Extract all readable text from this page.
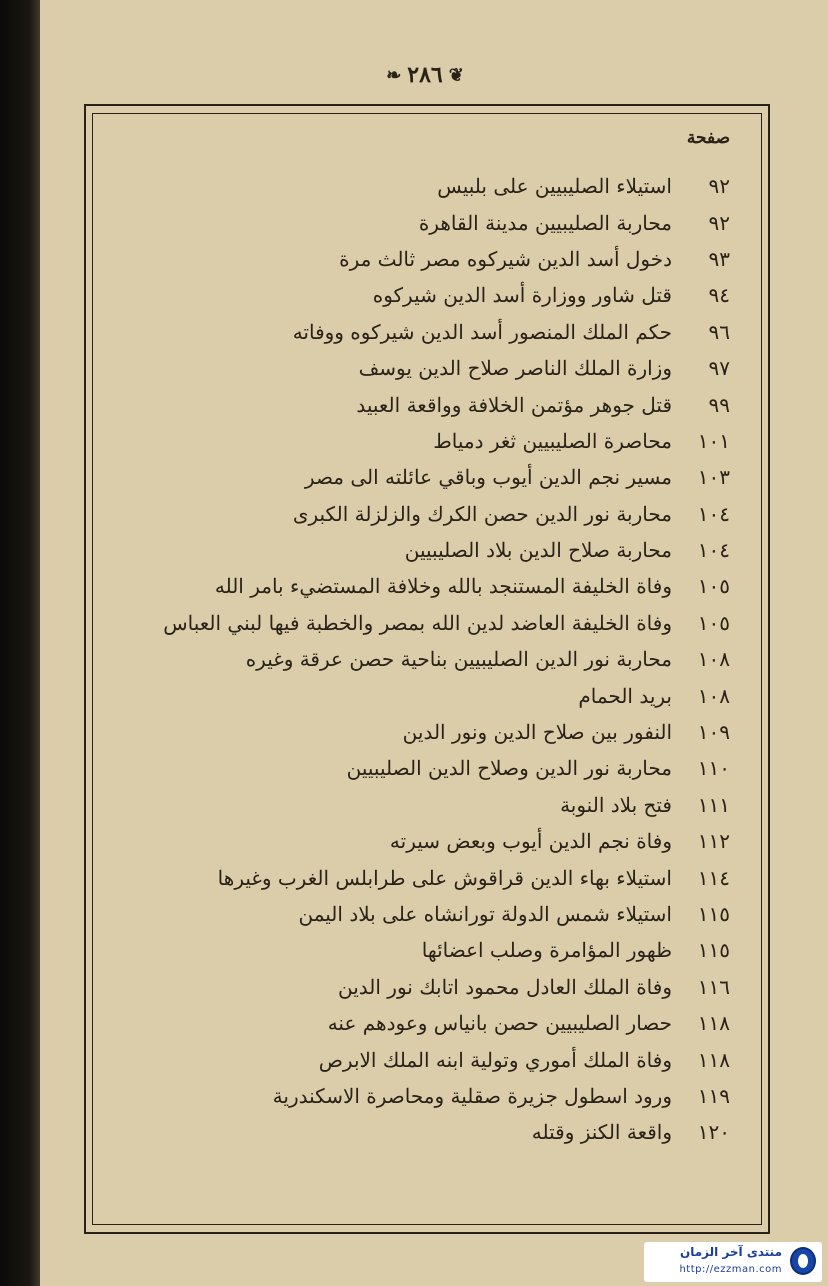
❦
٢٨٦
❧
صفحة
٩٢
استيلاء الصليبيين على بلبيس
٩٢
محاربة الصليبيين مدينة القاهرة
٩٣
دخول أسد الدين شيركوه مصر ثالث مرة
٩٤
قتل شاور ووزارة أسد الدين شيركوه
٩٦
حكم الملك المنصور أسد الدين شيركوه ووفاته
٩٧
وزارة الملك الناصر صلاح الدين يوسف
٩٩
قتل جوهر مؤتمن الخلافة وواقعة العبيد
١٠١
محاصرة الصليبيين ثغر دمياط
١٠٣
مسير نجم الدين أيوب وباقي عائلته الى مصر
١٠٤
محاربة نور الدين حصن الكرك والزلزلة الكبرى
١٠٤
محاربة صلاح الدين بلاد الصليبيين
١٠٥
وفاة الخليفة المستنجد بالله وخلافة المستضيء بامر الله
١٠٥
وفاة الخليفة العاضد لدين الله بمصر والخطبة فيها لبني العباس
١٠٨
محاربة نور الدين الصليبيين بناحية حصن عرقة وغيره
١٠٨
بريد الحمام
١٠٩
النفور بين صلاح الدين ونور الدين
١١٠
محاربة نور الدين وصلاح الدين الصليبيين
١١١
فتح بلاد النوبة
١١٢
وفاة نجم الدين أيوب وبعض سيرته
١١٤
استيلاء بهاء الدين قراقوش على طرابلس الغرب وغيرها
١١٥
استيلاء شمس الدولة تورانشاه على بلاد اليمن
١١٥
ظهور المؤامرة وصلب اعضائها
١١٦
وفاة الملك العادل محمود اتابك نور الدين
١١٨
حصار الصليبيين حصن بانياس وعودهم عنه
١١٨
وفاة الملك أموري وتولية ابنه الملك الابرص
١١٩
ورود اسطول جزيرة صقلية ومحاصرة الاسكندرية
١٢٠
واقعة الكنز وقتله
منتدى آخر الزمان
http://ezzman.com
